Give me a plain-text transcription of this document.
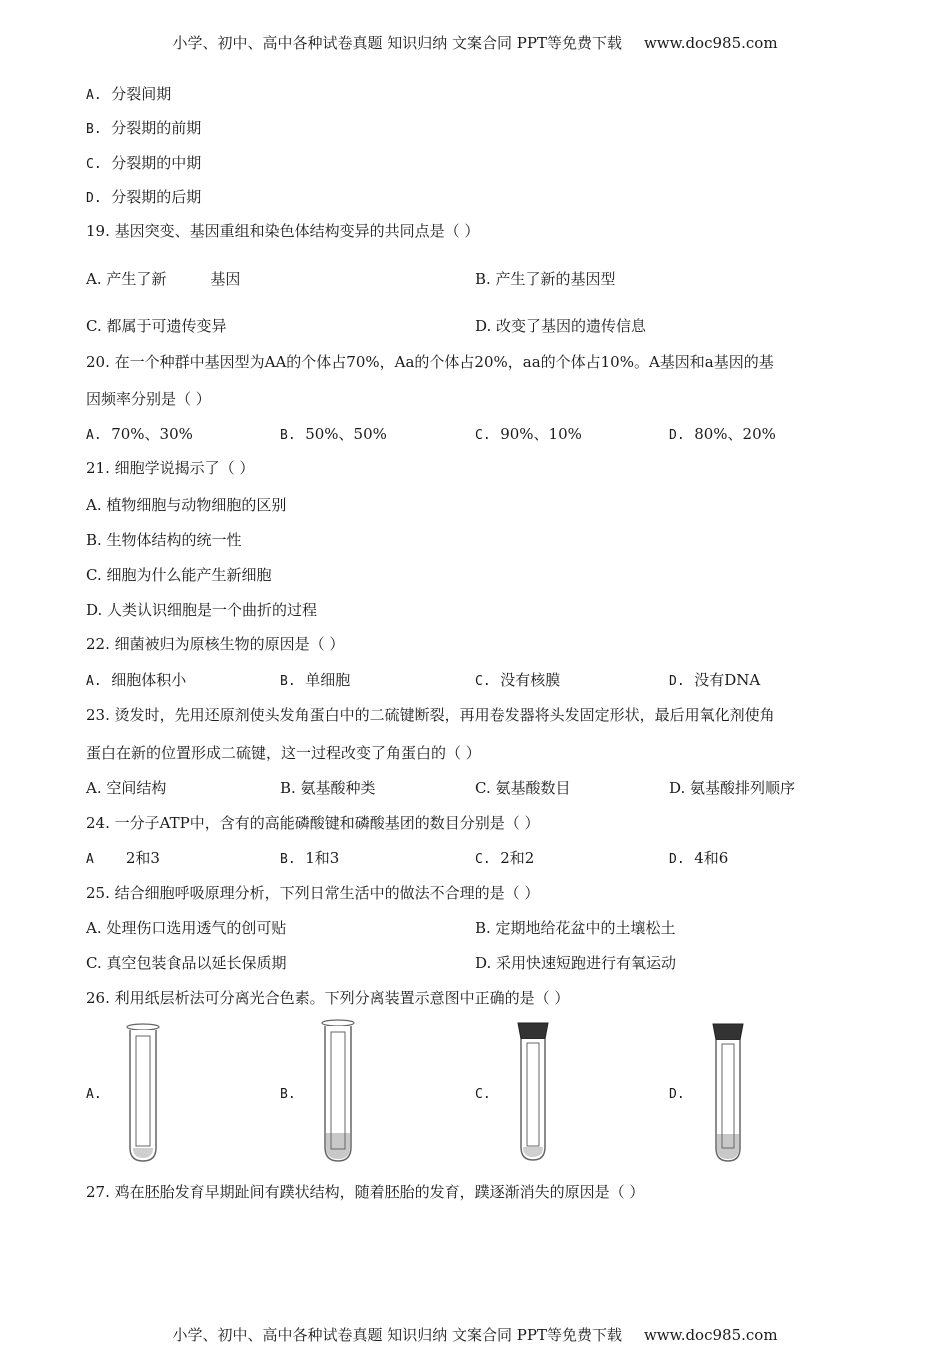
小学、初中、高中各种试卷真题 知识归纳 文案合同 PPT等免费下载 www.doc985.com
A. 分裂间期
B. 分裂期的前期
C. 分裂期的中期
D. 分裂期的后期
19. 基因突变、基因重组和染色体结构变异的共同点是（ ）
A. 产生了新	基因	B. 产生了新的基因型
C. 都属于可遗传变异	D. 改变了基因的遗传信息
20. 在一个种群中基因型为AA的个体占70%，Aa的个体占20%，aa的个体占10%。A基因和a基因的基
因频率分别是（ ）
A. 70%、30%	B. 50%、50%	C. 90%、10%	D. 80%、20%
21. 细胞学说揭示了（ ）
A. 植物细胞与动物细胞的区别
B. 生物体结构的统一性
C. 细胞为什么能产生新细胞
D. 人类认识细胞是一个曲折的过程
22. 细菌被归为原核生物的原因是（ ）
A. 细胞体积小	B. 单细胞	C. 没有核膜	D. 没有DNA
23. 烫发时，先用还原剂使头发角蛋白中的二硫键断裂，再用卷发器将头发固定形状，最后用氧化剂使角
蛋白在新的位置形成二硫键，这一过程改变了角蛋白的（ ）
A. 空间结构	B. 氨基酸种类	C. 氨基酸数目	D. 氨基酸排列顺序
24. 一分子ATP中，含有的高能磷酸键和磷酸基团的数目分别是（ ）
A 2和3	B. 1和3	C. 2和2	D. 4和6
25. 结合细胞呼吸原理分析，下列日常生活中的做法不合理的是（ ）
A. 处理伤口选用透气的创可贴	B. 定期地给花盆中的土壤松土
C. 真空包装食品以延长保质期	D. 采用快速短跑进行有氧运动
26. 利用纸层析法可分离光合色素。下列分离装置示意图中正确的是（ ）
A.	B.	C.	D.
27. 鸡在胚胎发育早期趾间有蹼状结构，随着胚胎的发育，蹼逐渐消失的原因是（ ）
小学、初中、高中各种试卷真题 知识归纳 文案合同 PPT等免费下载 www.doc985.com
